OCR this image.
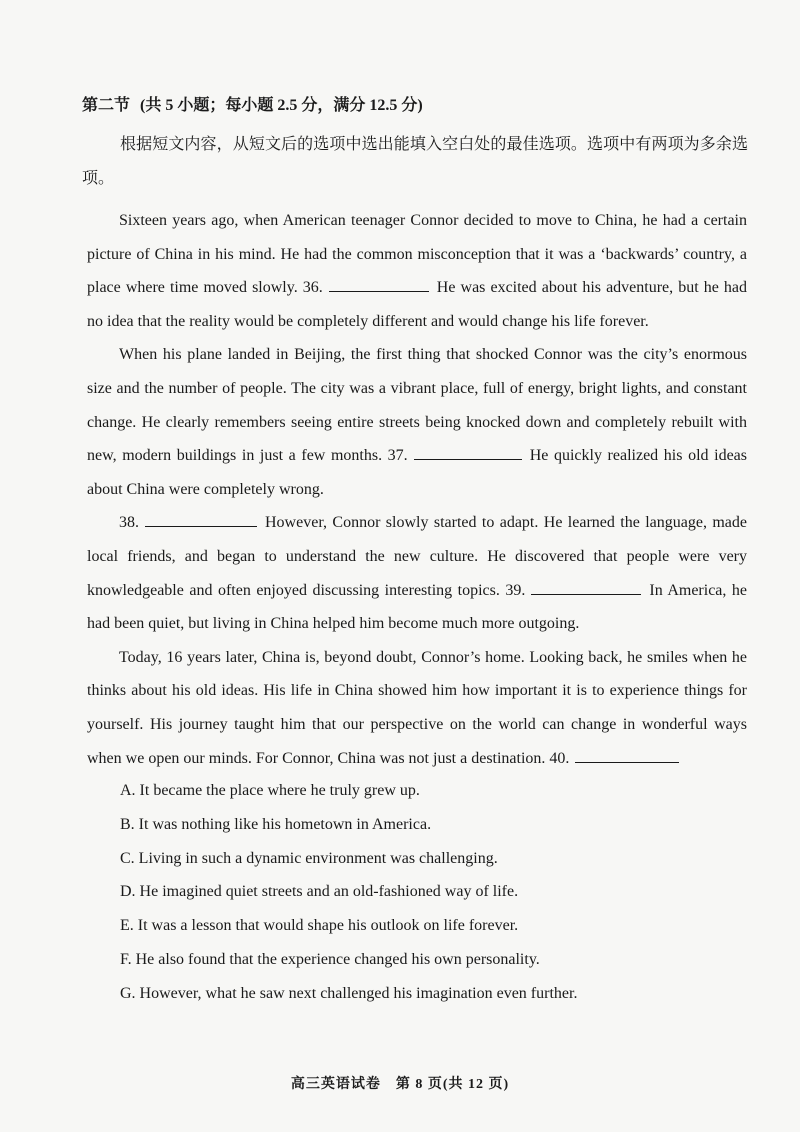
第二节 (共 5 小题；每小题 2.5 分，满分 12.5 分)

根据短文内容，从短文后的选项中选出能填入空白处的最佳选项。选项中有两项为多余选项。

Sixteen years ago, when American teenager Connor decided to move to China, he had a certain picture of China in his mind. He had the common misconception that it was a ‘backwards’ country, a place where time moved slowly. 36.	He was excited about his adventure, but he had no idea that the reality would be completely different and would change his life forever.

When his plane landed in Beijing, the first thing that shocked Connor was the city’s enormous size and the number of people. The city was a vibrant place, full of energy, bright lights, and constant change. He clearly remembers seeing entire streets being knocked down and completely rebuilt with new, modern buildings in just a few months. 37.	He quickly realized his old ideas about China were completely wrong.

38.	However, Connor slowly started to adapt. He learned the language, made local friends, and began to understand the new culture. He discovered that people were very knowledgeable and often enjoyed discussing interesting topics. 39.	In America, he had been quiet, but living in China helped him become much more outgoing.

Today, 16 years later, China is, beyond doubt, Connor’s home. Looking back, he smiles when he thinks about his old ideas. His life in China showed him how important it is to experience things for yourself. His journey taught him that our perspective on the world can change in wonderful ways when we open our minds. For Connor, China was not just a destination. 40.

A. It became the place where he truly grew up.
B. It was nothing like his hometown in America.
C. Living in such a dynamic environment was challenging.
D. He imagined quiet streets and an old-fashioned way of life.
E. It was a lesson that would shape his outlook on life forever.
F. He also found that the experience changed his own personality.
G. However, what he saw next challenged his imagination even further.
高三英语试卷　第 8 页(共 12 页)
